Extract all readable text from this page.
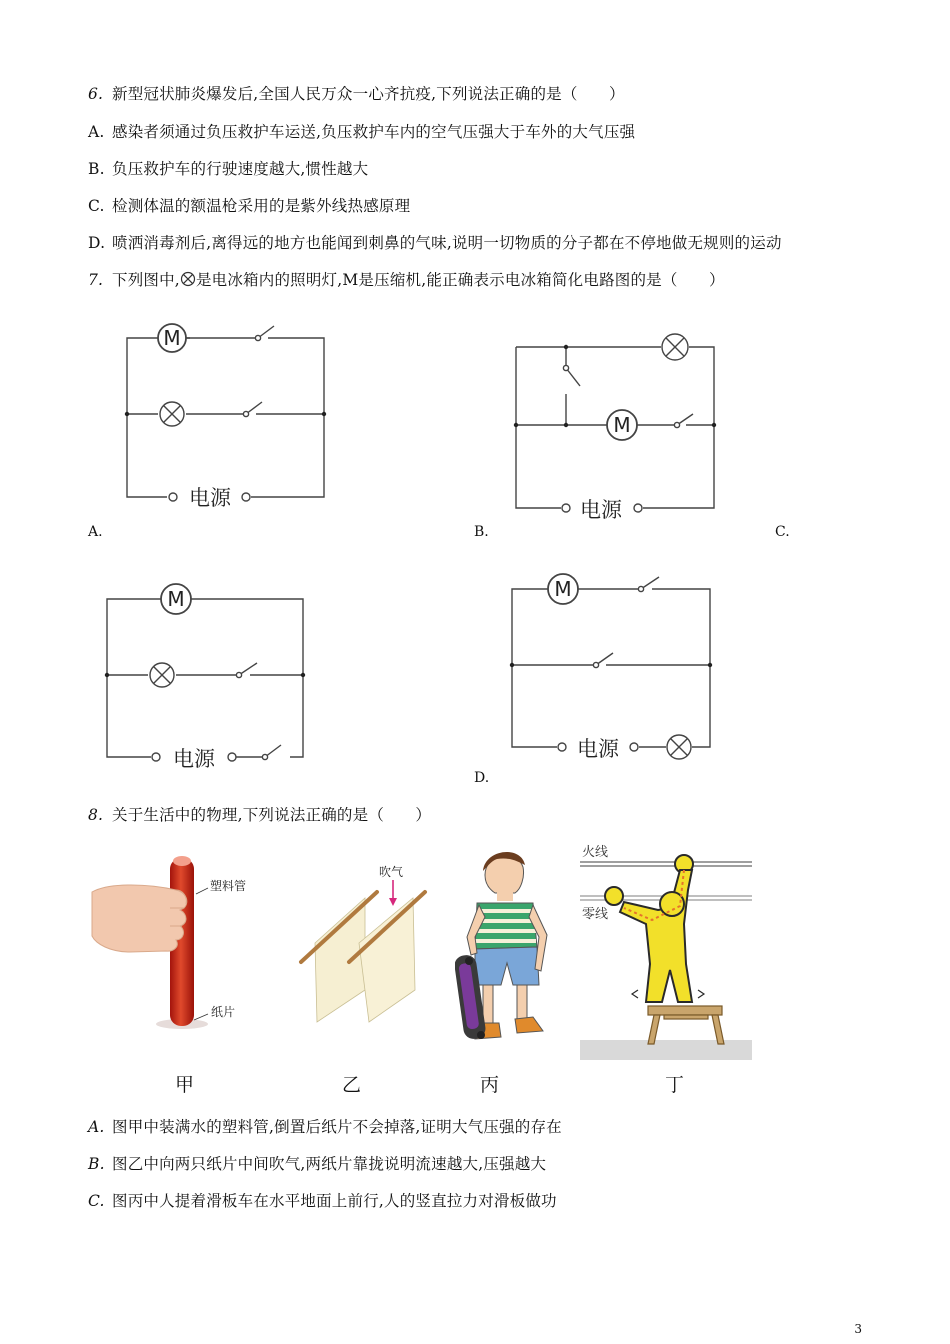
6. 新型冠状肺炎爆发后,全国人民万众一心齐抗疫,下列说法正确的是（　　）
A. 感染者须通过负压救护车运送,负压救护车内的空气压强大于车外的大气压强
B. 负压救护车的行驶速度越大,惯性越大
C. 检测体温的额温枪采用的是紫外线热感原理
D. 喷洒消毒剂后,离得远的地方也能闻到刺鼻的气味,说明一切物质的分子都在不停地做无规则的运动
7. 下列图中, 是电冰箱内的照明灯,M是压缩机,能正确表示电冰箱简化电路图的是（　　）
M
电源
A.
M
电源
B.	C.
M
电源
M
电源
D.
8. 关于生活中的物理,下列说法正确的是（　　）
塑料管
纸片
吹气
火线
零线
甲	乙	丙	丁
A. 图甲中装满水的塑料管,倒置后纸片不会掉落,证明大气压强的存在
B. 图乙中向两只纸片中间吹气,两纸片靠拢说明流速越大,压强越大
C. 图丙中人提着滑板车在水平地面上前行,人的竖直拉力对滑板做功
3
